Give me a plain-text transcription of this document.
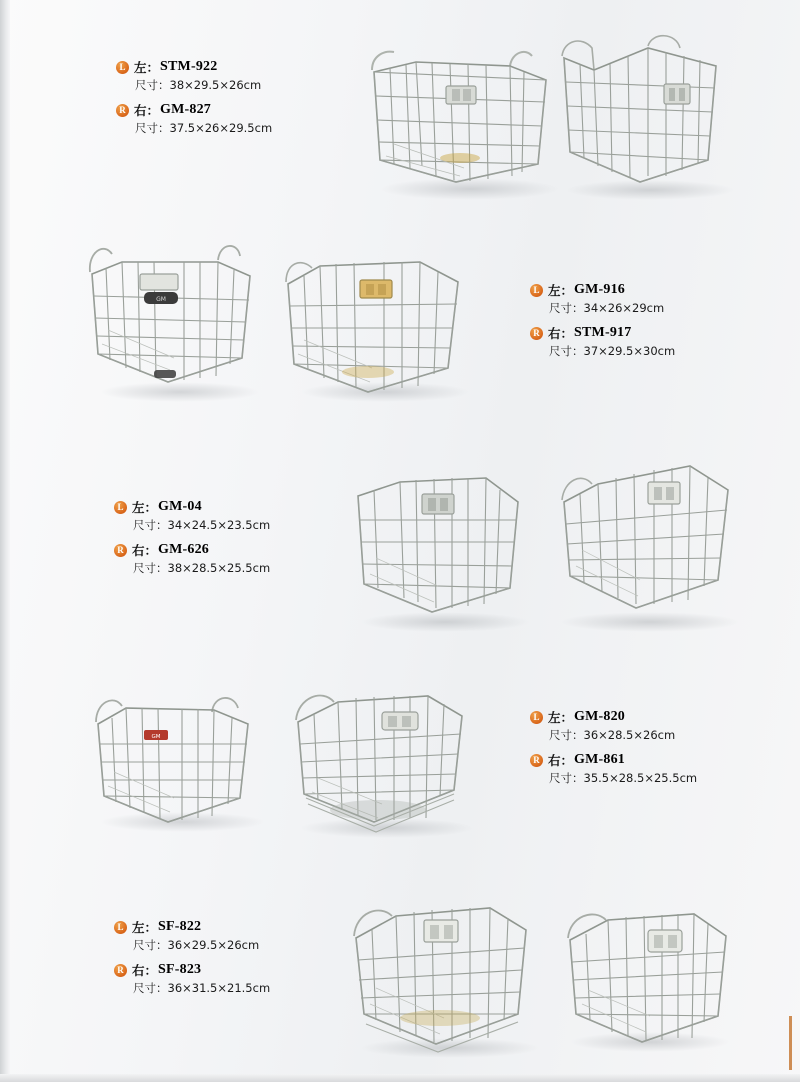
L 左： STM-922
尺寸：38×29.5×26cm
R 右： GM-827
尺寸：37.5×26×29.5cm
GM
L 左： GM-916
尺寸：34×26×29cm
R 右： STM-917
尺寸：37×29.5×30cm
L 左： GM-04
尺寸：34×24.5×23.5cm
R 右： GM-626
尺寸：38×28.5×25.5cm
GM
L 左： GM-820
尺寸：36×28.5×26cm
R 右： GM-861
尺寸：35.5×28.5×25.5cm
L 左： SF-822
尺寸：36×29.5×26cm
R 右： SF-823
尺寸：36×31.5×21.5cm
